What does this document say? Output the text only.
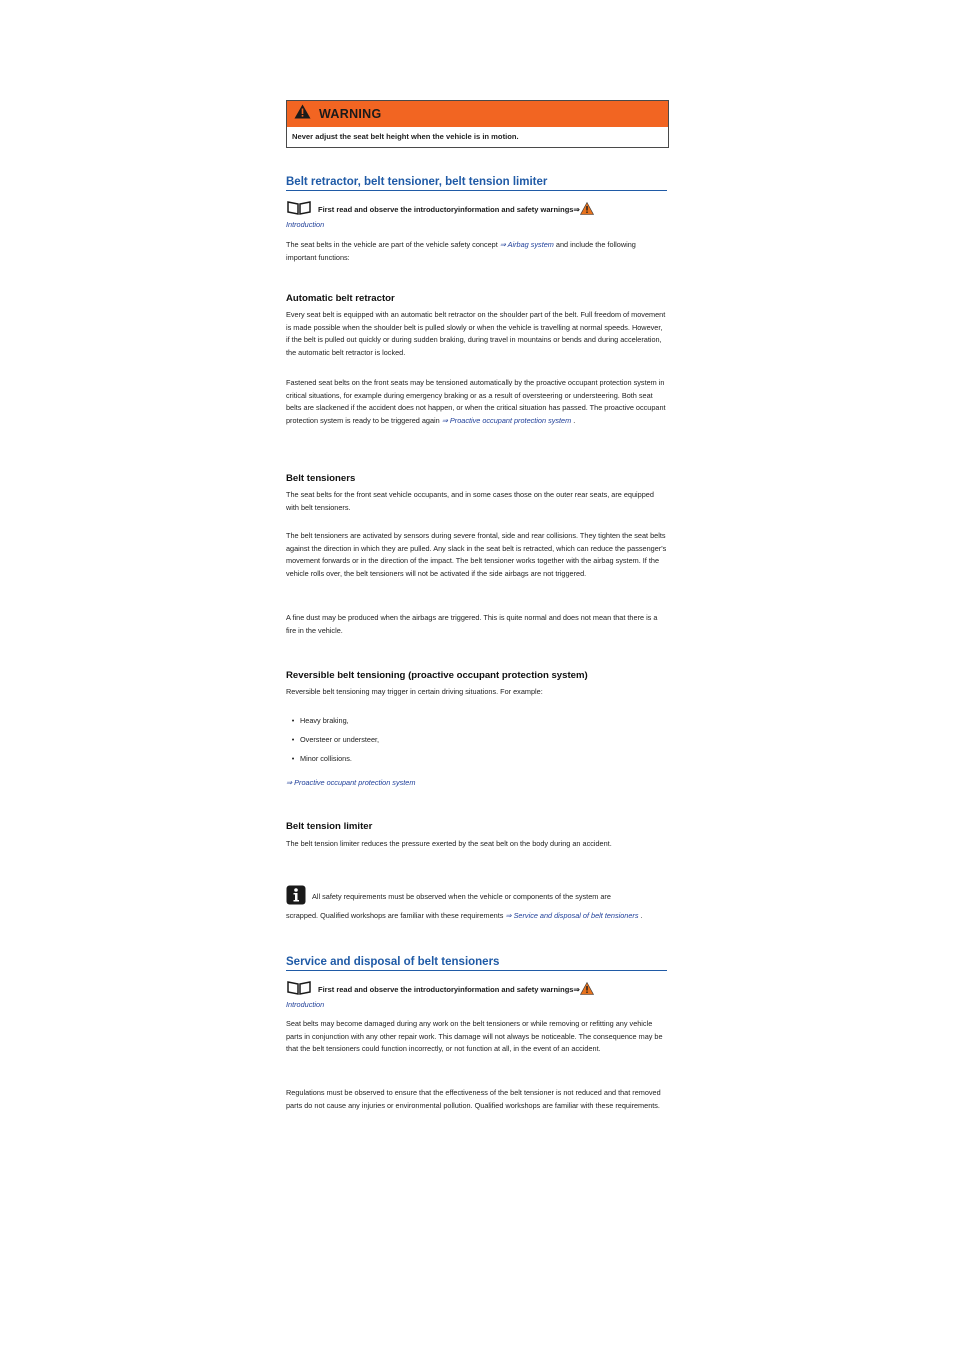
WARNING
Never adjust the seat belt height when the vehicle is in motion.
Belt retractor, belt tensioner, belt tension limiter
First read and observe the introductoryinformation and safety warnings⇒
Introduction

The seat belts in the vehicle are part of the vehicle safety concept ⇒ Airbag system and include the following important functions:

Automatic belt retractor

Every seat belt is equipped with an automatic belt retractor on the shoulder part of the belt. Full freedom of movement is made possible when the shoulder belt is pulled slowly or when the vehicle is travelling at normal speeds. However, if the belt is pulled out quickly or during sudden braking, during travel in mountains or bends and during acceleration, the automatic belt retractor is locked.

Fastened seat belts on the front seats may be tensioned automatically by the proactive occupant protection system in critical situations, for example during emergency braking or as a result of oversteering or understeering. Both seat belts are slackened if the accident does not happen, or when the critical situation has passed. The proactive occupant protection system is ready to be triggered again ⇒ Proactive occupant protection system .

Belt tensioners

The seat belts for the front seat vehicle occupants, and in some cases those on the outer rear seats, are equipped with belt tensioners.

The belt tensioners are activated by sensors during severe frontal, side and rear collisions. They tighten the seat belts against the direction in which they are pulled. Any slack in the seat belt is retracted, which can reduce the passenger's movement forwards or in the direction of the impact. The belt tensioner works together with the airbag system. If the vehicle rolls over, the belt tensioners will not be activated if the side airbags are not triggered.

A fine dust may be produced when the airbags are triggered. This is quite normal and does not mean that there is a fire in the vehicle.

Reversible belt tensioning (proactive occupant protection system)

Reversible belt tensioning may trigger in certain driving situations. For example:

• Heavy braking,
• Oversteer or understeer,
• Minor collisions.

⇒ Proactive occupant protection system

Belt tension limiter

The belt tension limiter reduces the pressure exerted by the seat belt on the body during an accident.

All safety requirements must be observed when the vehicle or components of the system are

scrapped. Qualified workshops are familiar with these requirements ⇒ Service and disposal of belt tensioners .

Service and disposal of belt tensioners
First read and observe the introductoryinformation and safety warnings⇒
Introduction

Seat belts may become damaged during any work on the belt tensioners or while removing or refitting any vehicle parts in conjunction with any other repair work. This damage will not always be noticeable. The consequence may be that the belt tensioners could function incorrectly, or not function at all, in the event of an accident.

Regulations must be observed to ensure that the effectiveness of the belt tensioner is not reduced and that removed parts do not cause any injuries or environmental pollution. Qualified workshops are familiar with these requirements.
